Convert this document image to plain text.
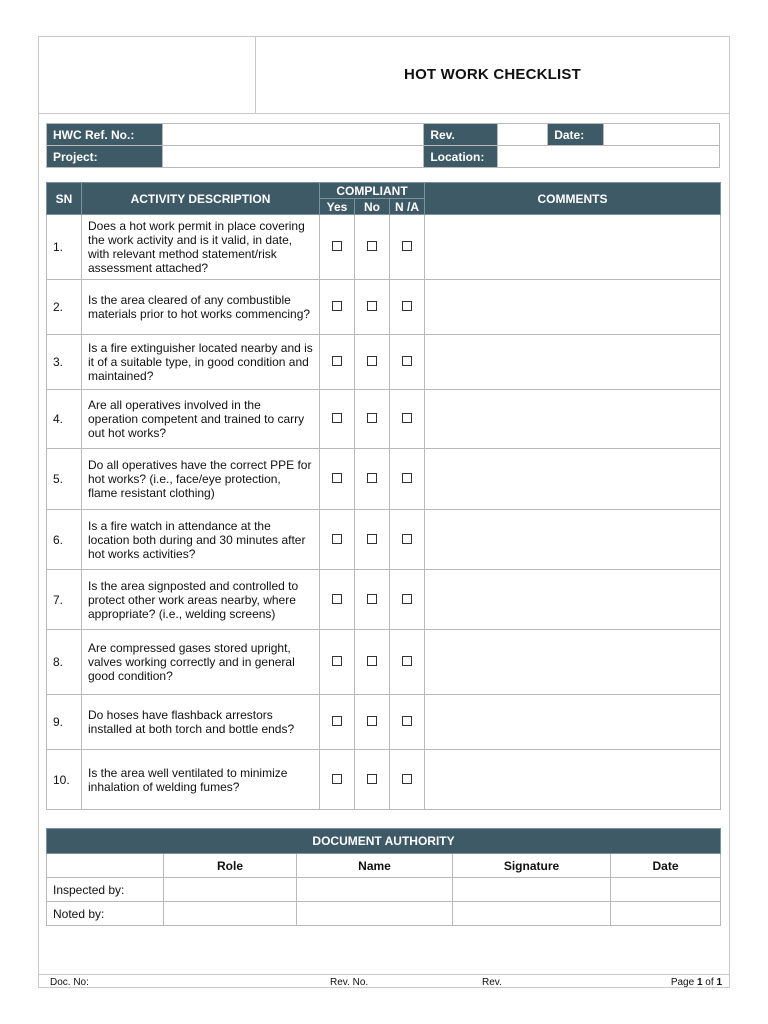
HOT WORK CHECKLIST
HWC Ref. No.:		Rev.		Date:	
Project:		Location:			
SN	ACTIVITY DESCRIPTION	COMPLIANT			COMMENTS
		Yes	No	N /A	
1.	Does a hot work permit in place covering the work activity and is it valid, in date, with relevant method statement/risk assessment attached?				
2.	Is the area cleared of any combustible materials prior to hot works commencing?				
3.	Is a fire extinguisher located nearby and is it of a suitable type, in good condition and maintained?				
4.	Are all operatives involved in the operation competent and trained to carry out hot works?				
5.	Do all operatives have the correct PPE for hot works? (i.e., face/eye protection, flame resistant clothing)				
6.	Is a fire watch in attendance at the location both during and 30 minutes after hot works activities?				
7.	Is the area signposted and controlled to protect other work areas nearby, where appropriate? (i.e., welding screens)				
8.	Are compressed gases stored upright, valves working correctly and in general good condition?				
9.	Do hoses have flashback arrestors installed at both torch and bottle ends?				
10.	Is the area well ventilated to minimize inhalation of welding fumes?				
DOCUMENT AUTHORITY				
	Role	Name	Signature	Date
Inspected by:				
Noted by:				
Doc. No:	Rev. No.	Rev.	Page 1 of 1
